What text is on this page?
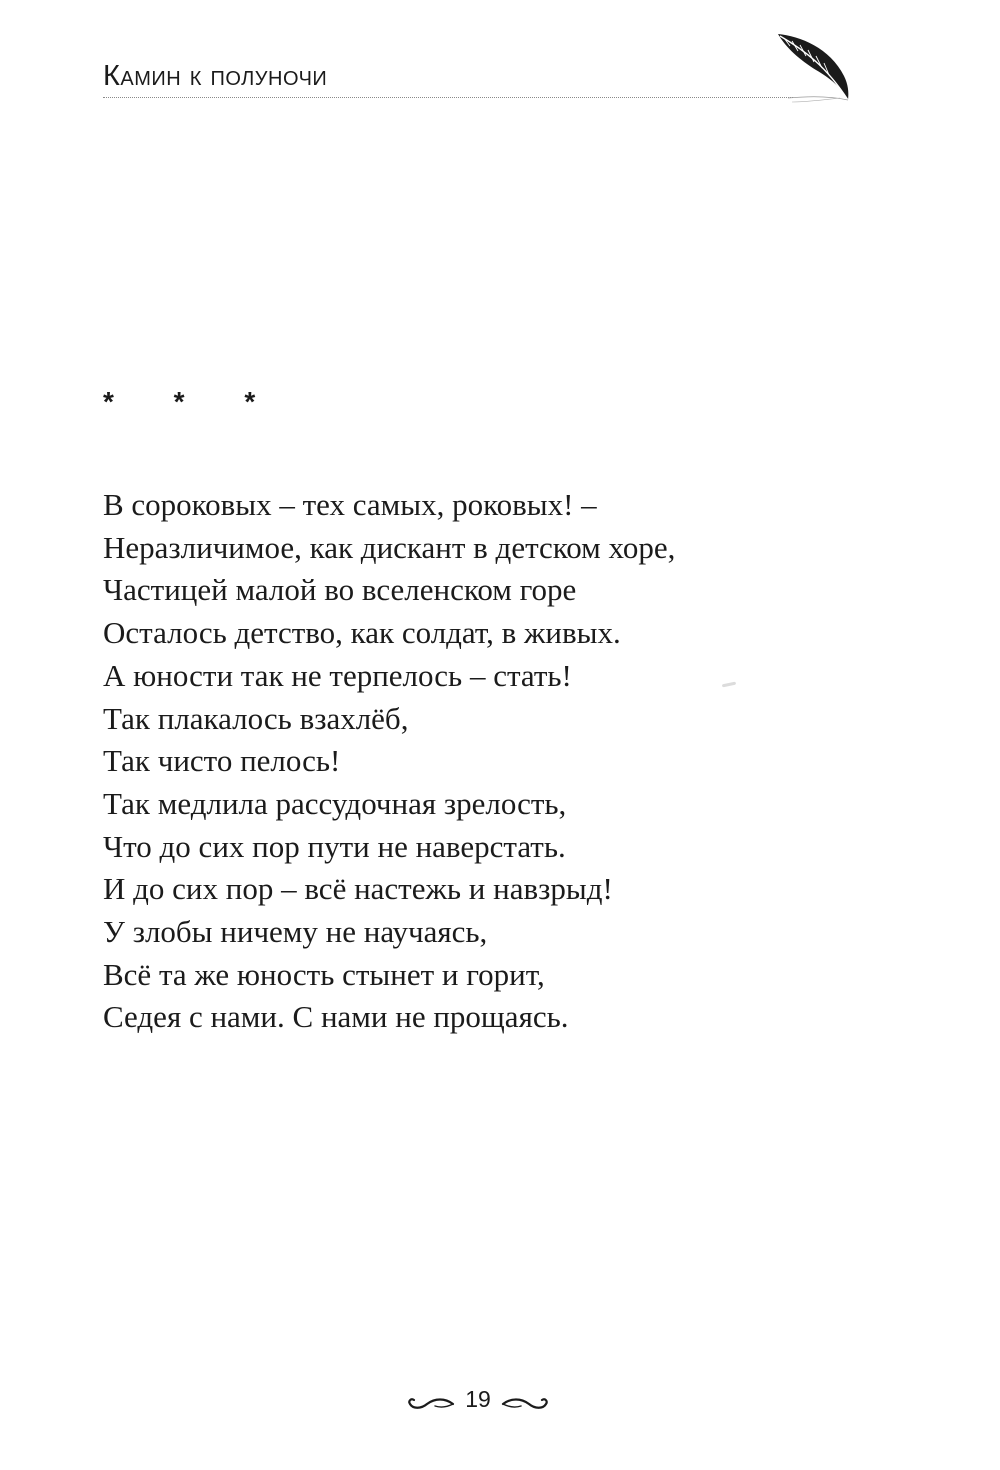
Камин к полуночи
* * *
В сороковых – тех самых, роковых! –
Неразличимое, как дискант в детском хоре,
Частицей малой во вселенском горе
Осталось детство, как солдат, в живых.
А юности так не терпелось – стать!
Так плакалось взахлёб,
Так чисто пелось!
Так медлила рассудочная зрелость,
Что до сих пор пути не наверстать.
И до сих пор – всё настежь и навзрыд!
У злобы ничему не научаясь,
Всё та же юность стынет и горит,
Седея с нами. С нами не прощаясь.
19
